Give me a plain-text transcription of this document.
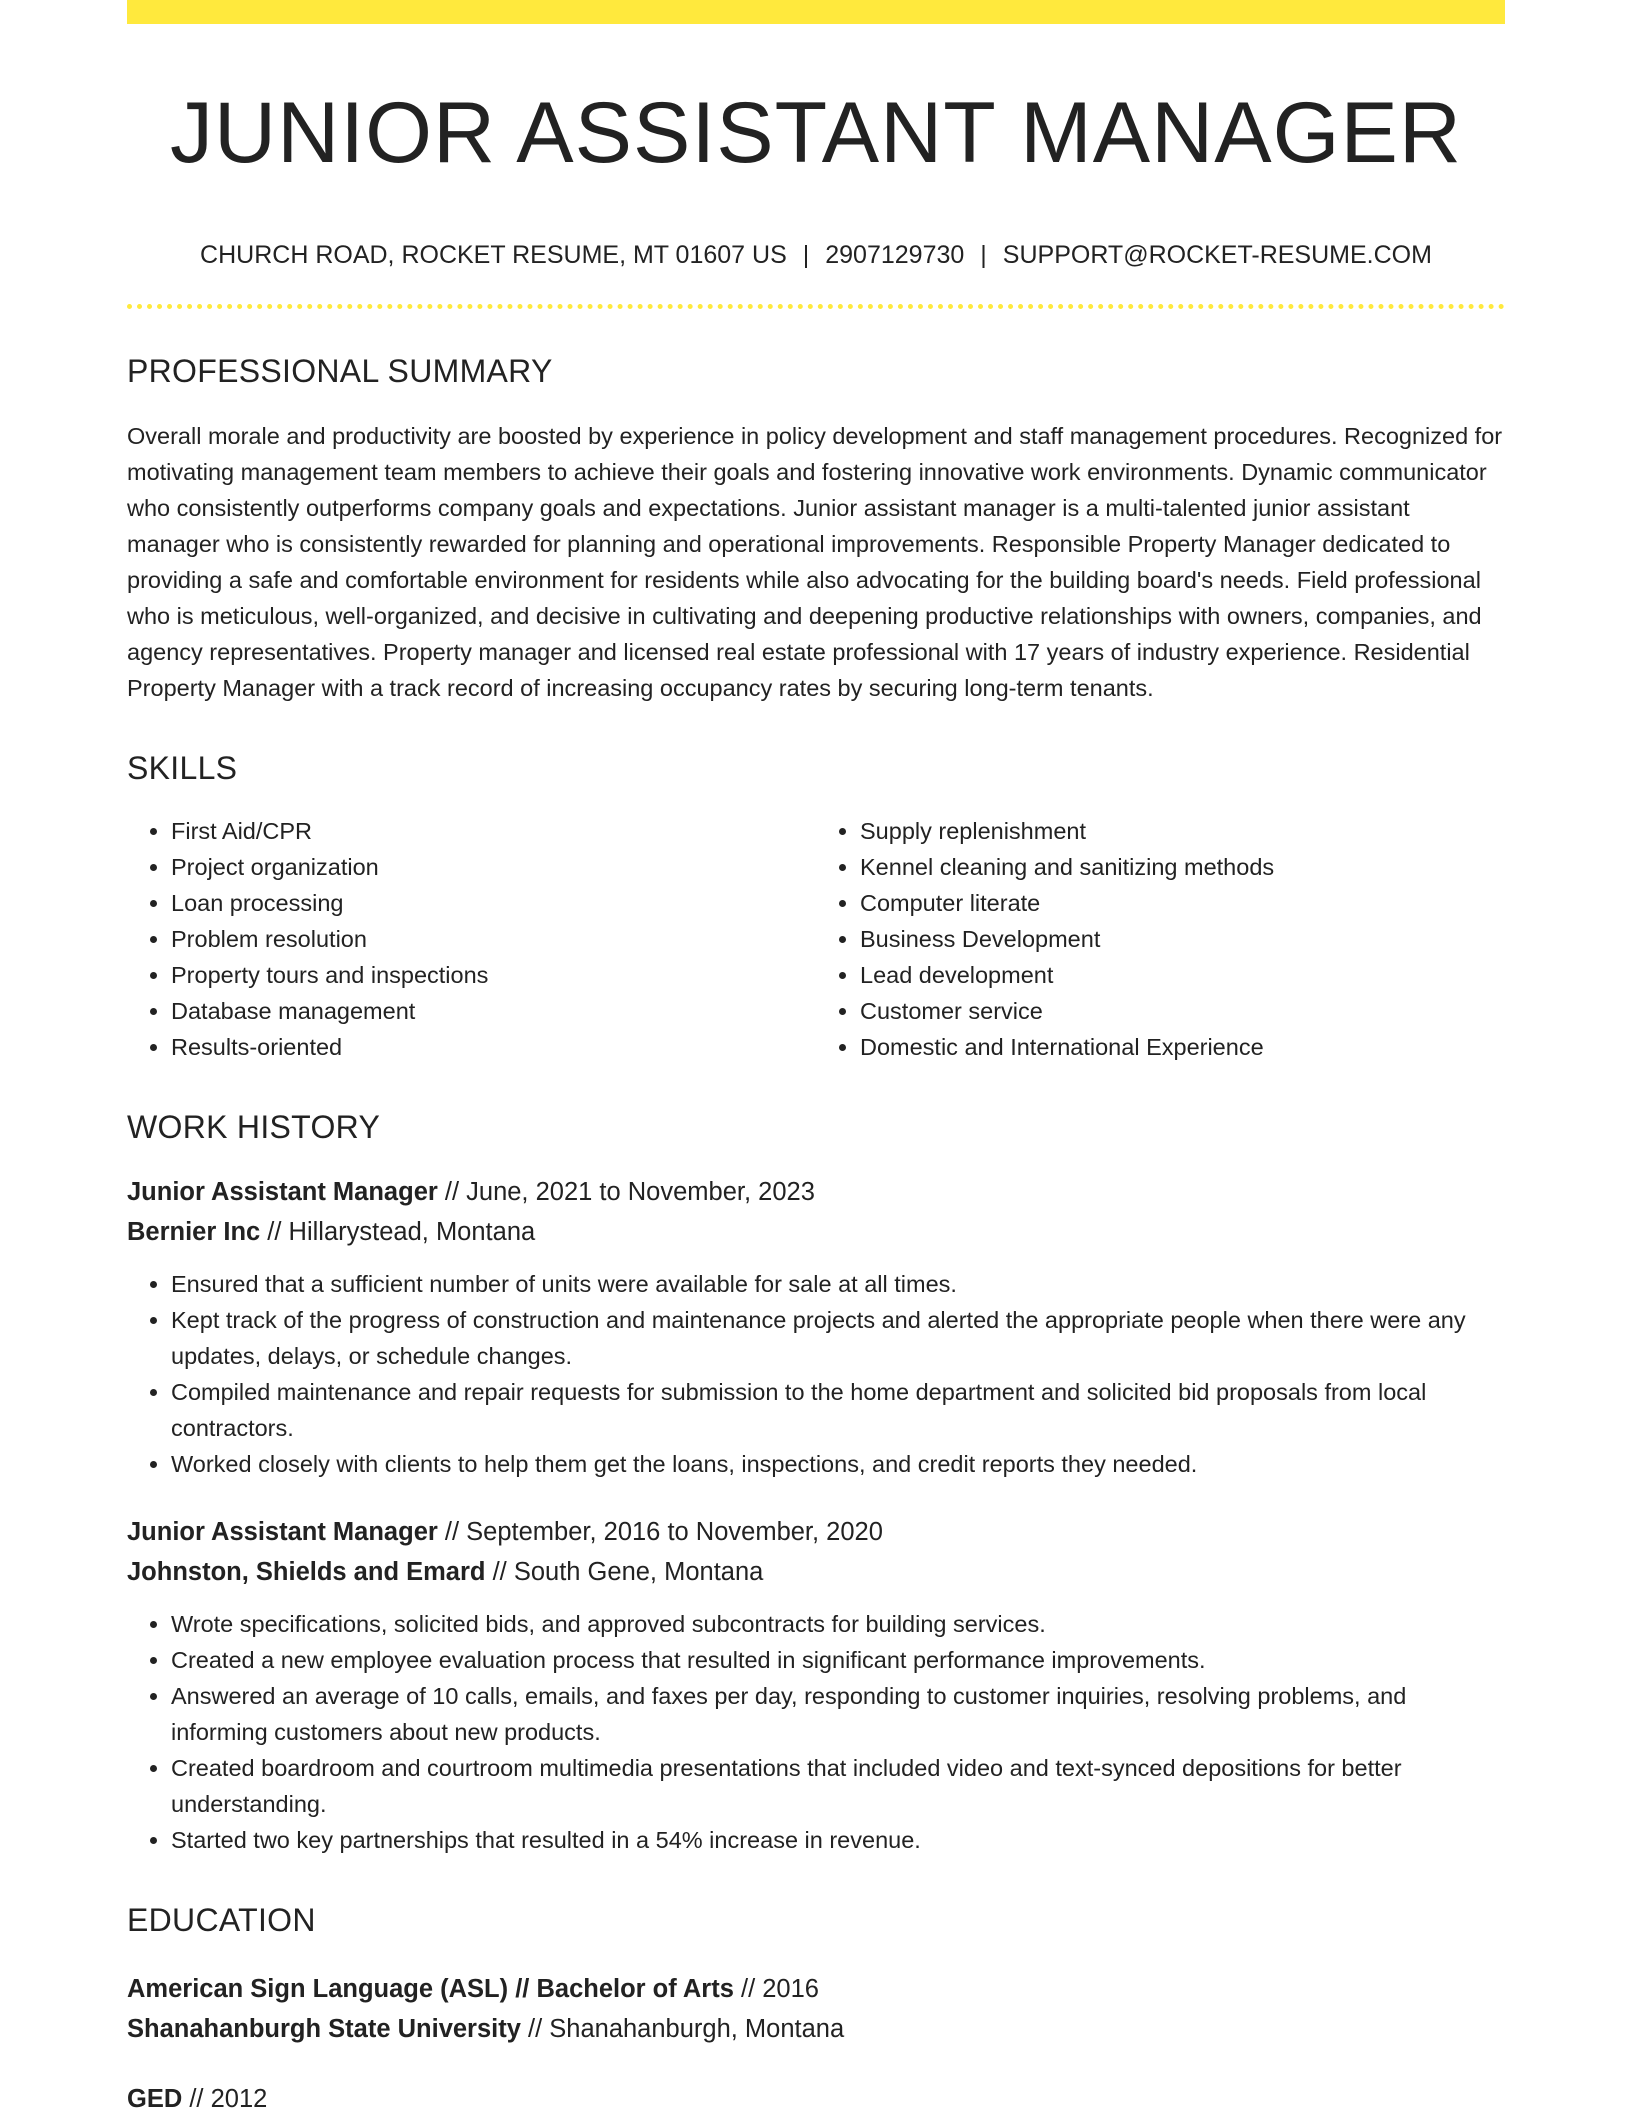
JUNIOR ASSISTANT MANAGER
CHURCH ROAD, ROCKET RESUME, MT 01607 US | 2907129730 | SUPPORT@ROCKET-RESUME.COM
PROFESSIONAL SUMMARY
Overall morale and productivity are boosted by experience in policy development and staff management procedures. Recognized for motivating management team members to achieve their goals and fostering innovative work environments. Dynamic communicator who consistently outperforms company goals and expectations. Junior assistant manager is a multi-talented junior assistant manager who is consistently rewarded for planning and operational improvements. Responsible Property Manager dedicated to providing a safe and comfortable environment for residents while also advocating for the building board's needs. Field professional who is meticulous, well-organized, and decisive in cultivating and deepening productive relationships with owners, companies, and agency representatives. Property manager and licensed real estate professional with 17 years of industry experience. Residential Property Manager with a track record of increasing occupancy rates by securing long-term tenants.
SKILLS
• First Aid/CPR
• Project organization
• Loan processing
• Problem resolution
• Property tours and inspections
• Database management
• Results-oriented
• Supply replenishment
• Kennel cleaning and sanitizing methods
• Computer literate
• Business Development
• Lead development
• Customer service
• Domestic and International Experience
WORK HISTORY
Junior Assistant Manager // June, 2021 to November, 2023
Bernier Inc // Hillarystead, Montana
• Ensured that a sufficient number of units were available for sale at all times.
• Kept track of the progress of construction and maintenance projects and alerted the appropriate people when there were any updates, delays, or schedule changes.
• Compiled maintenance and repair requests for submission to the home department and solicited bid proposals from local contractors.
• Worked closely with clients to help them get the loans, inspections, and credit reports they needed.
Junior Assistant Manager // September, 2016 to November, 2020
Johnston, Shields and Emard // South Gene, Montana
• Wrote specifications, solicited bids, and approved subcontracts for building services.
• Created a new employee evaluation process that resulted in significant performance improvements.
• Answered an average of 10 calls, emails, and faxes per day, responding to customer inquiries, resolving problems, and informing customers about new products.
• Created boardroom and courtroom multimedia presentations that included video and text-synced depositions for better understanding.
• Started two key partnerships that resulted in a 54% increase in revenue.
EDUCATION
American Sign Language (ASL) // Bachelor of Arts // 2016
Shanahanburgh State University // Shanahanburgh, Montana
GED // 2012
